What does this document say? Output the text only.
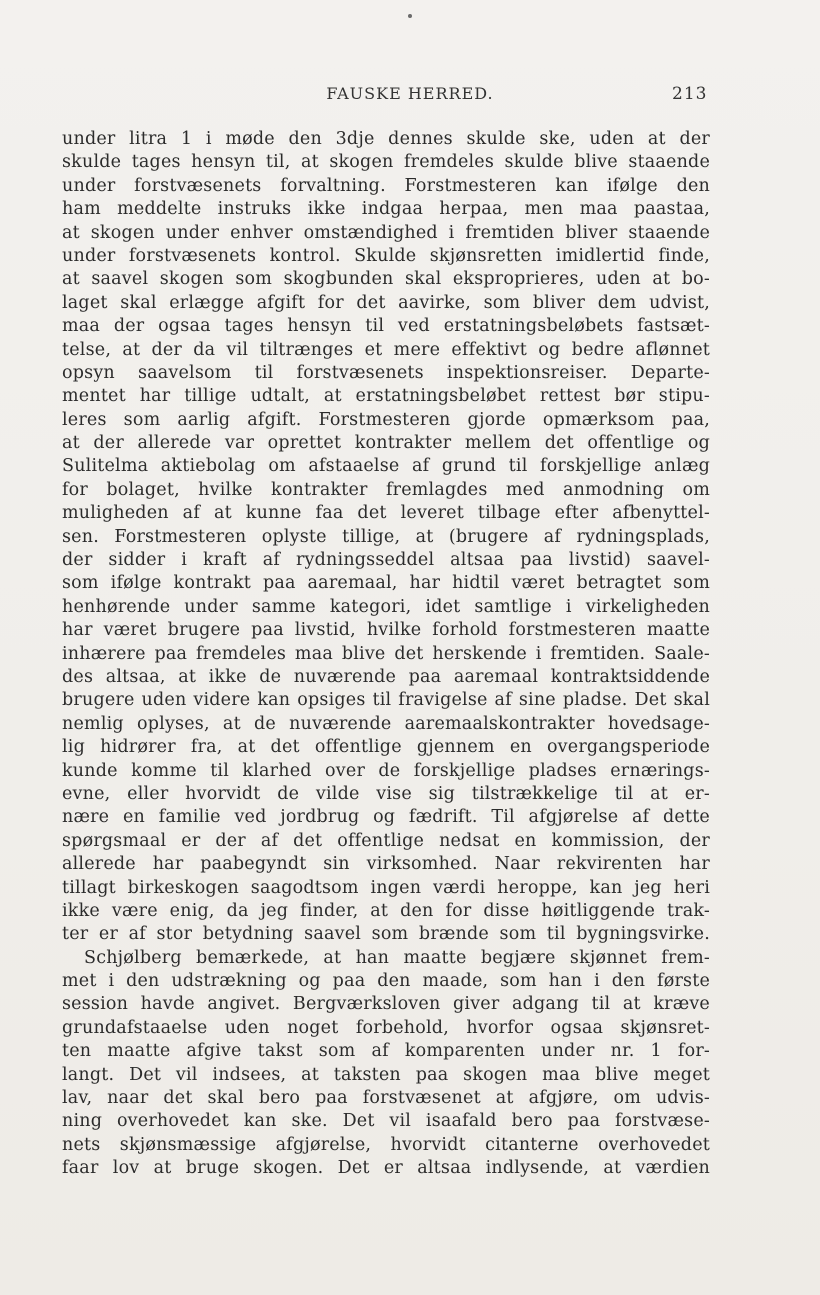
FAUSKE HERRED.	213
under litra 1 i møde den 3dje dennes skulde ske, uden at der
skulde tages hensyn til, at skogen fremdeles skulde blive staaende
under forstvæsenets forvaltning. Forstmesteren kan ifølge den
ham meddelte instruks ikke indgaa herpaa, men maa paastaa,
at skogen under enhver omstændighed i fremtiden bliver staaende
under forstvæsenets kontrol. Skulde skjønsretten imidlertid finde,
at saavel skogen som skogbunden skal eksproprieres, uden at bo-
laget skal erlægge afgift for det aavirke, som bliver dem udvist,
maa der ogsaa tages hensyn til ved erstatningsbeløbets fastsæt-
telse, at der da vil tiltrænges et mere effektivt og bedre aflønnet
opsyn saavelsom til forstvæsenets inspektionsreiser. Departe-
mentet har tillige udtalt, at erstatningsbeløbet rettest bør stipu-
leres som aarlig afgift. Forstmesteren gjorde opmærksom paa,
at der allerede var oprettet kontrakter mellem det offentlige og
Sulitelma aktiebolag om afstaaelse af grund til forskjellige anlæg
for bolaget, hvilke kontrakter fremlagdes med anmodning om
muligheden af at kunne faa det leveret tilbage efter afbenyttel-
sen. Forstmesteren oplyste tillige, at (brugere af rydningsplads,
der sidder i kraft af rydningsseddel altsaa paa livstid) saavel-
som ifølge kontrakt paa aaremaal, har hidtil været betragtet som
henhørende under samme kategori, idet samtlige i virkeligheden
har været brugere paa livstid, hvilke forhold forstmesteren maatte
inhærere paa fremdeles maa blive det herskende i fremtiden. Saale-
des altsaa, at ikke de nuværende paa aaremaal kontraktsiddende
brugere uden videre kan opsiges til fravigelse af sine pladse. Det skal
nemlig oplyses, at de nuværende aaremaalskontrakter hovedsage-
lig hidrører fra, at det offentlige gjennem en overgangsperiode
kunde komme til klarhed over de forskjellige pladses ernærings-
evne, eller hvorvidt de vilde vise sig tilstrækkelige til at er-
nære en familie ved jordbrug og fædrift. Til afgjørelse af dette
spørgsmaal er der af det offentlige nedsat en kommission, der
allerede har paabegyndt sin virksomhed. Naar rekvirenten har
tillagt birkeskogen saagodtsom ingen værdi heroppe, kan jeg heri
ikke være enig, da jeg finder, at den for disse høitliggende trak-
ter er af stor betydning saavel som brænde som til bygningsvirke.
Schjølberg bemærkede, at han maatte begjære skjønnet frem-
met i den udstrækning og paa den maade, som han i den første
session havde angivet. Bergværksloven giver adgang til at kræve
grundafstaaelse uden noget forbehold, hvorfor ogsaa skjønsret-
ten maatte afgive takst som af komparenten under nr. 1 for-
langt. Det vil indsees, at taksten paa skogen maa blive meget
lav, naar det skal bero paa forstvæsenet at afgjøre, om udvis-
ning overhovedet kan ske. Det vil isaafald bero paa forstvæse-
nets skjønsmæssige afgjørelse, hvorvidt citanterne overhovedet
faar lov at bruge skogen. Det er altsaa indlysende, at værdien
